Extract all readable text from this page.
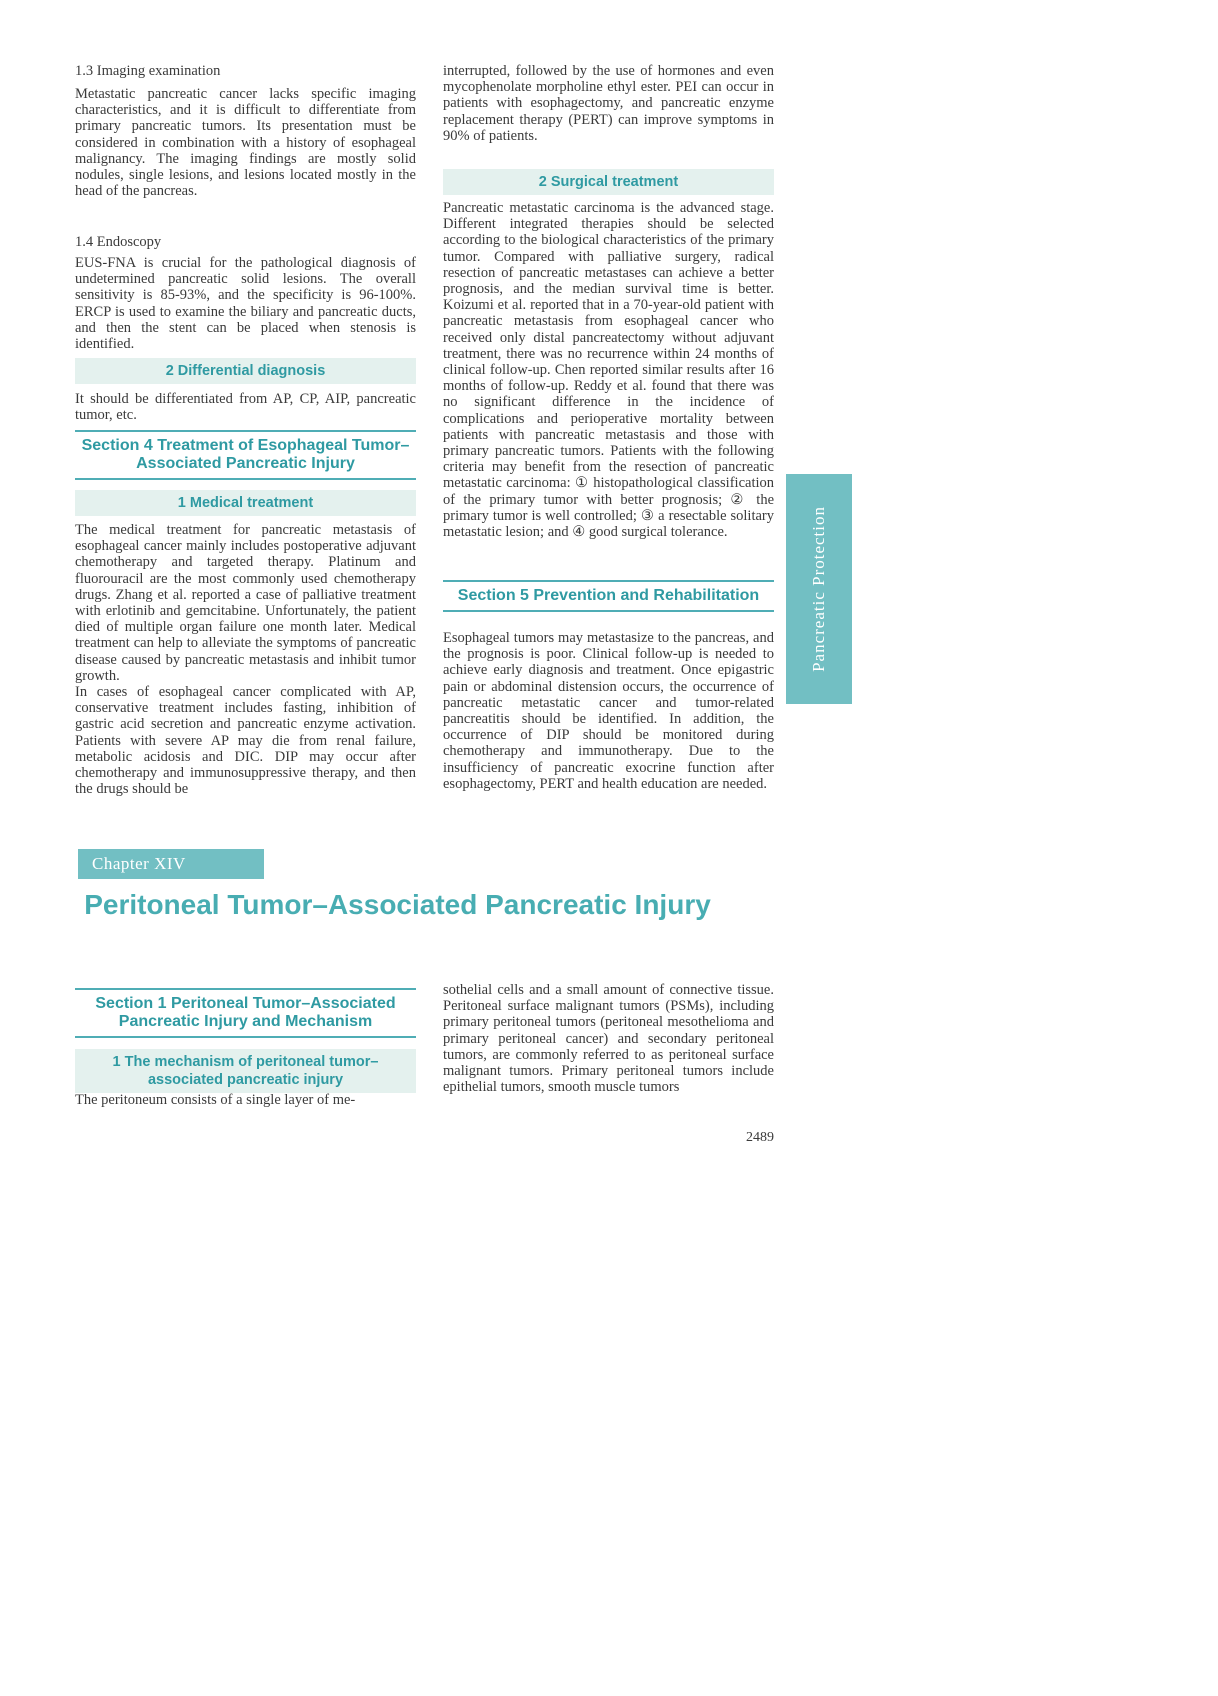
1.3 Imaging examination
Metastatic pancreatic cancer lacks specific imaging characteristics, and it is difficult to differentiate from primary pancreatic tumors. Its presentation must be considered in combination with a history of esophageal malignancy. The imaging findings are mostly solid nodules, single lesions, and lesions located mostly in the head of the pancreas.
1.4 Endoscopy
EUS-FNA is crucial for the pathological diagnosis of undetermined pancreatic solid lesions. The overall sensitivity is 85-93%, and the specificity is 96-100%. ERCP is used to examine the biliary and pancreatic ducts, and then the stent can be placed when stenosis is identified.
2 Differential diagnosis
It should be differentiated from AP, CP, AIP, pancreatic tumor, etc.
Section 4 Treatment of Esophageal Tumor–Associated Pancreatic Injury
1 Medical treatment

The medical treatment for pancreatic metastasis of esophageal cancer mainly includes postoperative adjuvant chemotherapy and targeted therapy. Platinum and fluorouracil are the most commonly used chemotherapy drugs. Zhang et al. reported a case of palliative treatment with erlotinib and gemcitabine. Unfortunately, the patient died of multiple organ failure one month later. Medical treatment can help to alleviate the symptoms of pancreatic disease caused by pancreatic metastasis and inhibit tumor growth.

In cases of esophageal cancer complicated with AP, conservative treatment includes fasting, inhibition of gastric acid secretion and pancreatic enzyme activation. Patients with severe AP may die from renal failure, metabolic acidosis and DIC. DIP may occur after chemotherapy and immunosuppressive therapy, and then the drugs should be

interrupted, followed by the use of hormones and even mycophenolate morpholine ethyl ester. PEI can occur in patients with esophagectomy, and pancreatic enzyme replacement therapy (PERT) can improve symptoms in 90% of patients.
2 Surgical treatment
Pancreatic metastatic carcinoma is the advanced stage. Different integrated therapies should be selected according to the biological characteristics of the primary tumor. Compared with palliative surgery, radical resection of pancreatic metastases can achieve a better prognosis, and the median survival time is better. Koizumi et al. reported that in a 70-year-old patient with pancreatic metastasis from esophageal cancer who received only distal pancreatectomy without adjuvant treatment, there was no recurrence within 24 months of clinical follow-up. Chen reported similar results after 16 months of follow-up. Reddy et al. found that there was no significant difference in the incidence of complications and perioperative mortality between patients with pancreatic metastasis and those with primary pancreatic tumors. Patients with the following criteria may benefit from the resection of pancreatic metastatic carcinoma: ① histopathological classification of the primary tumor with better prognosis; ② the primary tumor is well controlled; ③ a resectable solitary metastatic lesion; and ④ good surgical tolerance.
Section 5 Prevention and Rehabilitation
Esophageal tumors may metastasize to the pancreas, and the prognosis is poor. Clinical follow-up is needed to achieve early diagnosis and treatment. Once epigastric pain or abdominal distension occurs, the occurrence of pancreatic metastatic cancer and tumor-related pancreatitis should be identified. In addition, the occurrence of DIP should be monitored during chemotherapy and immunotherapy. Due to the insufficiency of pancreatic exocrine function after esophagectomy, PERT and health education are needed.
Chapter XIV
Peritoneal Tumor–Associated Pancreatic Injury
Section 1 Peritoneal Tumor–Associated Pancreatic Injury and Mechanism
1 The mechanism of peritoneal tumor–associated pancreatic injury
The peritoneum consists of a single layer of me-
sothelial cells and a small amount of connective tissue. Peritoneal surface malignant tumors (PSMs), including primary peritoneal tumors (peritoneal mesothelioma and primary peritoneal cancer) and secondary peritoneal tumors, are commonly referred to as peritoneal surface malignant tumors. Primary peritoneal tumors include epithelial tumors, smooth muscle tumors
2489
Pancreatic Protection
